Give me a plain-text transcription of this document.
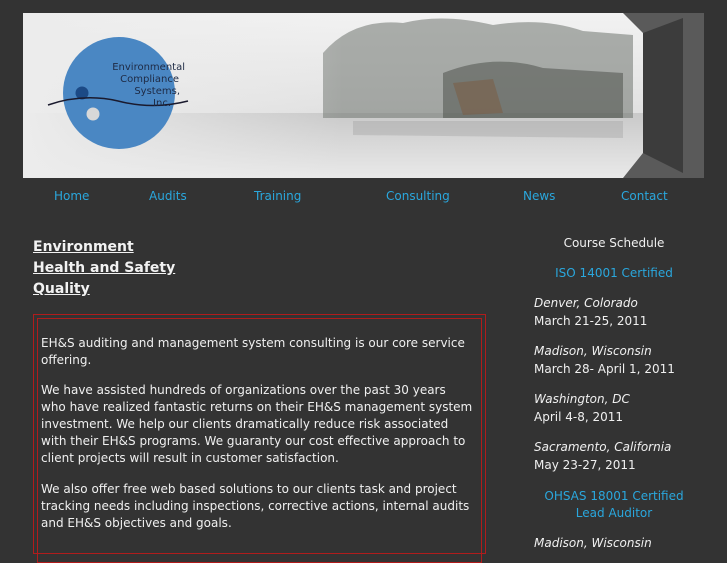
Environmental
Compliance
Systems,
Inc.
Home	Audits	Training	Consulting	News	Contact
Environment
Health and Safety
Quality

EH&S auditing and management system consulting is our core service offering.

We have assisted hundreds of organizations over the past 30 years who have realized fantastic returns on their EH&S management system investment. We help our clients dramatically reduce risk associated with their EH&S programs. We guaranty our cost effective approach to client projects will result in customer satisfaction.

We also offer free web based solutions to our clients task and project tracking needs including inspections, corrective actions, internal audits and EH&S objectives and goals.

Course Schedule
ISO 14001 Certified
Denver, Colorado
March 21-25, 2011
Madison, Wisconsin
March 28- April 1, 2011
Washington, DC
April 4-8, 2011
Sacramento, California
May 23-27, 2011
OHSAS 18001 Certified
Lead Auditor
Madison, Wisconsin
